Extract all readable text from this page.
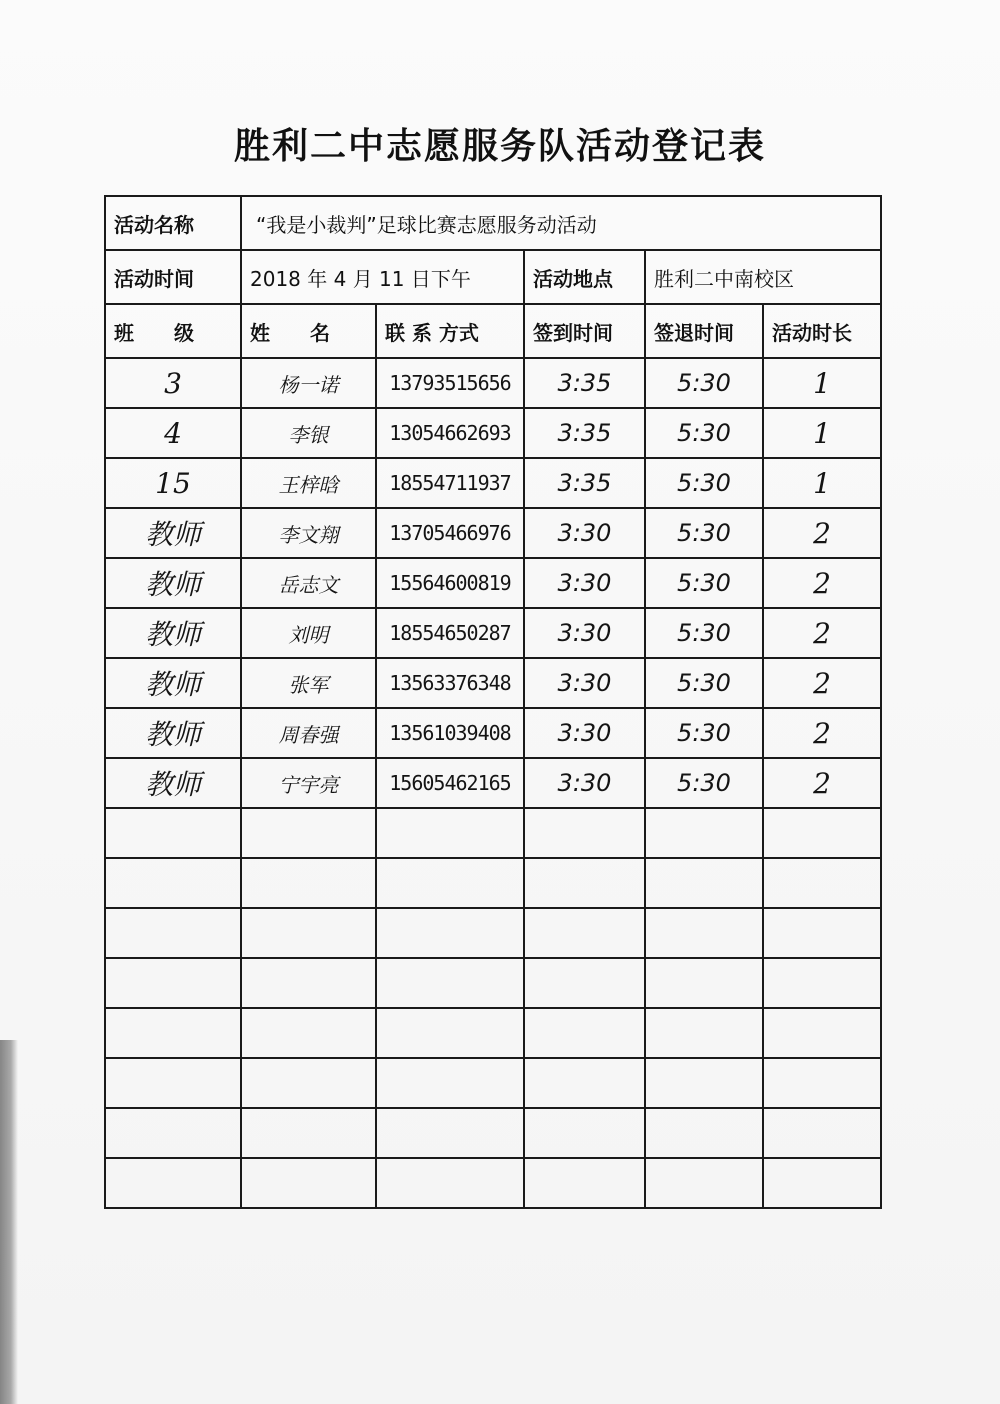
胜利二中志愿服务队活动登记表
活动名称	“我是小裁判”足球比赛志愿服务动活动				
活动时间	2018 年 4 月 11 日下午		活动地点	胜利二中南校区	
班　　级	姓　　名	联 系 方式	签到时间	签退时间	活动时长
3	杨一诺	13793515656	3:35	5:30	1
4	李银	13054662693	3:35	5:30	1
15	王梓晗	18554711937	3:35	5:30	1
教师	李文翔	13705466976	3:30	5:30	2
教师	岳志文	15564600819	3:30	5:30	2
教师	刘明	18554650287	3:30	5:30	2
教师	张军	13563376348	3:30	5:30	2
教师	周春强	13561039408	3:30	5:30	2
教师	宁宇亮	15605462165	3:30	5:30	2
